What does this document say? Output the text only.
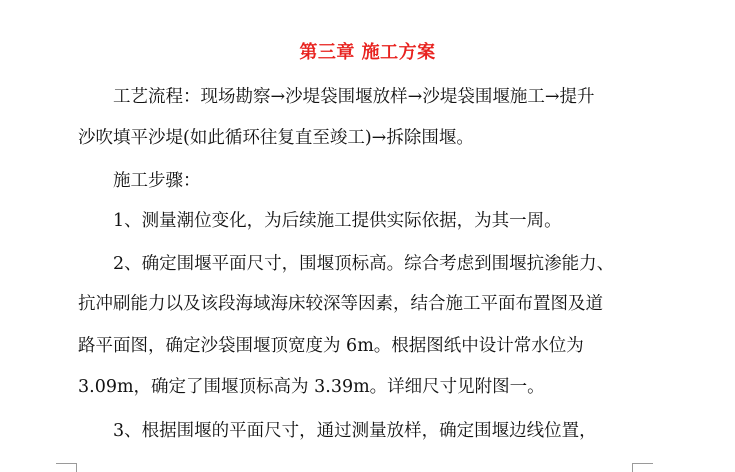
第三章 施工方案
工艺流程：现场勘察→沙堤袋围堰放样→沙堤袋围堰施工→提升
沙吹填平沙堤(如此循环往复直至竣工)→拆除围堰。
施工步骤：
1、测量潮位变化，为后续施工提供实际依据，为其一周。
2、确定围堰平面尺寸，围堰顶标高。综合考虑到围堰抗渗能力、
抗冲刷能力以及该段海域海床较深等因素，结合施工平面布置图及道
路平面图，确定沙袋围堰顶宽度为 6m。根据图纸中设计常水位为
3.09m，确定了围堰顶标高为 3.39m。详细尺寸见附图一。
3、根据围堰的平面尺寸，通过测量放样，确定围堰边线位置，
